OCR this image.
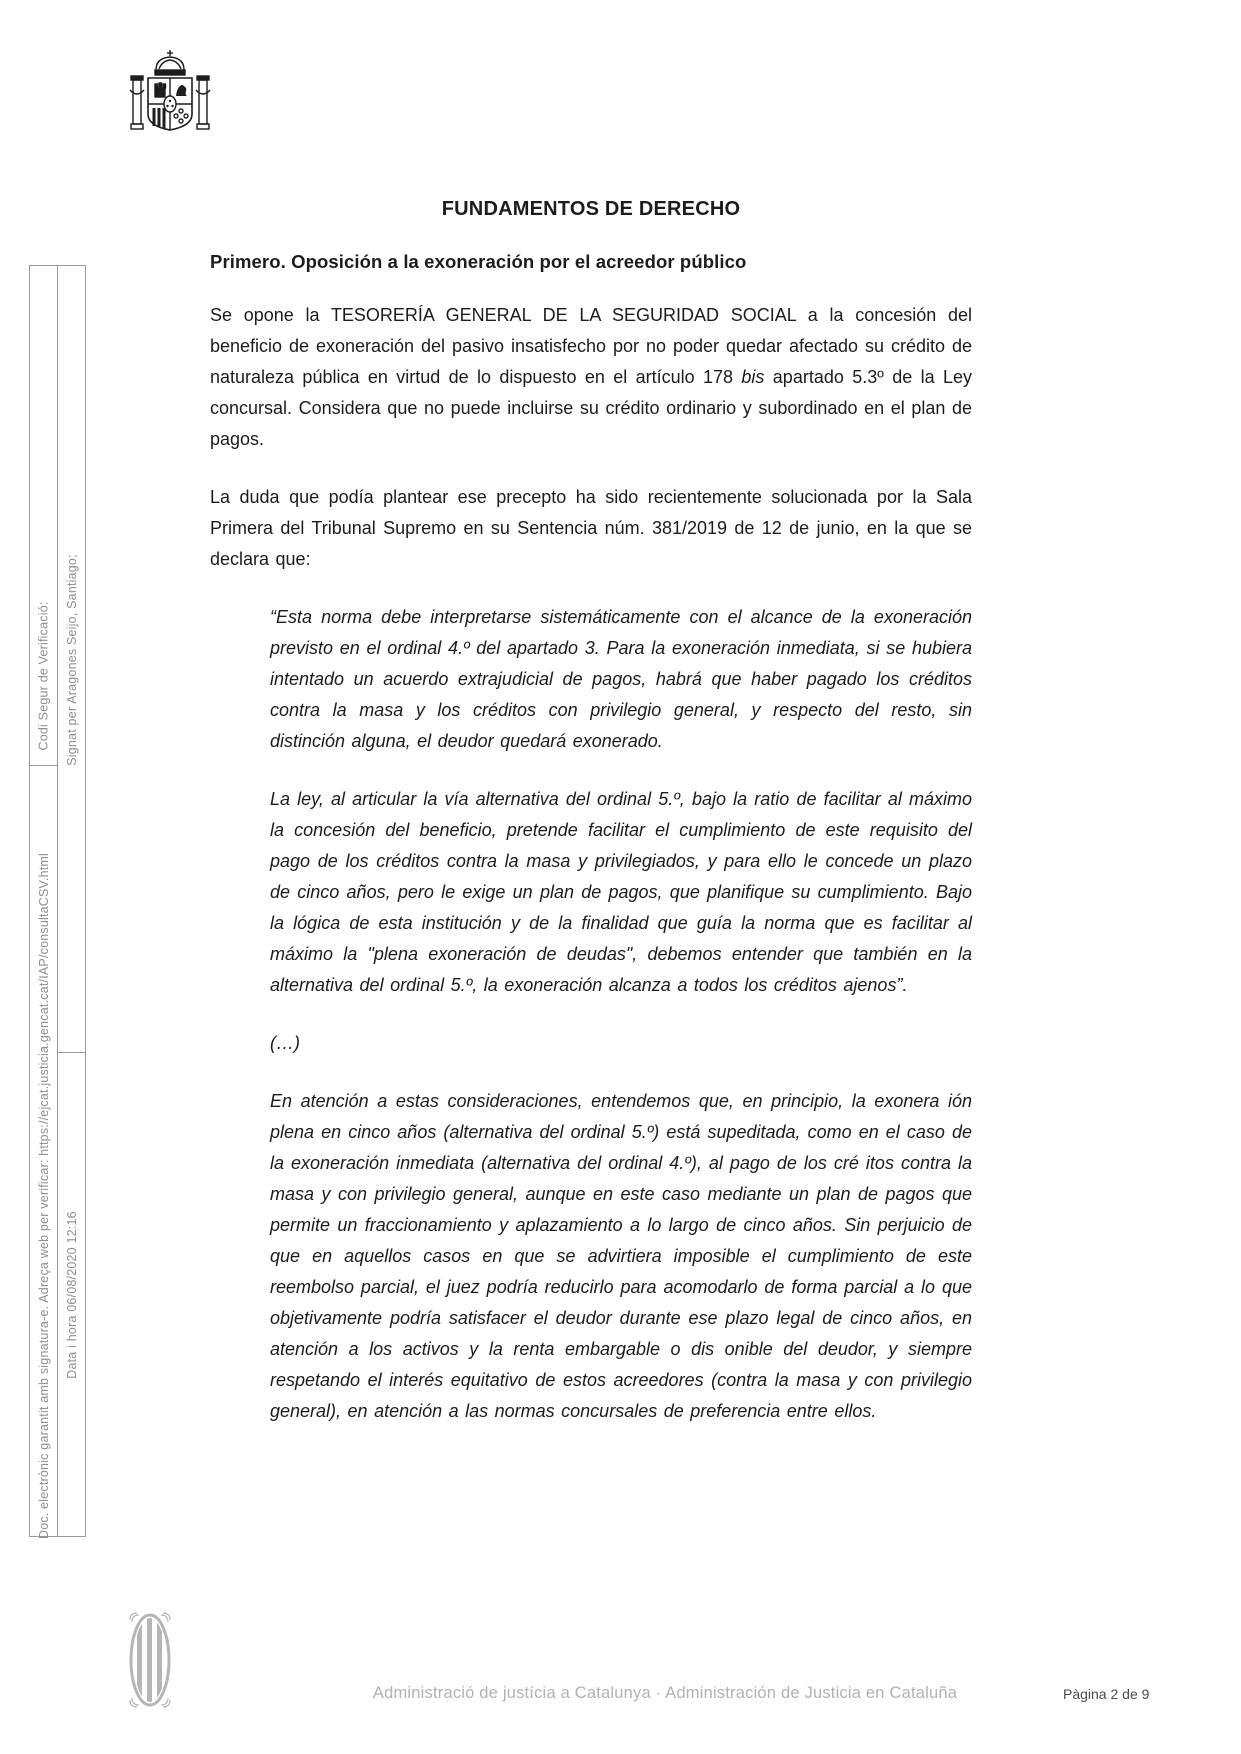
Codi Segur de Verificació:
Doc. electrònic garantit amb signatura-e. Adreça web per verificar: https://ejcat.justicia.gencat.cat/IAP/consultaCSV.html
Signat per Aragones Seijo, Santiago;
Data i hora 06/08/2020 12:16
FUNDAMENTOS DE DERECHO
Primero. Oposición a la exoneración por el acreedor público

Se opone la TESORERÍA GENERAL DE LA SEGURIDAD SOCIAL a la concesión del beneficio de exoneración del pasivo insatisfecho por no poder quedar afectado su crédito de naturaleza pública en virtud de lo dispuesto en el artículo 178 bis apartado 5.3º de la Ley concursal. Considera que no puede incluirse su crédito ordinario y subordinado en el plan de pagos.

La duda que podía plantear ese precepto ha sido recientemente solucionada por la Sala Primera del Tribunal Supremo en su Sentencia núm. 381/2019 de 12 de junio, en la que se declara que:

“Esta norma debe interpretarse sistemáticamente con el alcance de la exoneración previsto en el ordinal 4.º del apartado 3. Para la exoneración inmediata, si se hubiera intentado un acuerdo extrajudicial de pagos, habrá que haber pagado los créditos contra la masa y los créditos con privilegio general, y respecto del resto, sin distinción alguna, el deudor quedará exonerado.

La ley, al articular la vía alternativa del ordinal 5.º, bajo la ratio de facilitar al máximo la concesión del beneficio, pretende facilitar el cumplimiento de este requisito del pago de los créditos contra la masa y privilegiados, y para ello le concede un plazo de cinco años, pero le exige un plan de pagos, que planifique su cumplimiento. Bajo la lógica de esta institución y de la finalidad que guía la norma que es facilitar al máximo la "plena exoneración de deudas", debemos entender que también en la alternativa del ordinal 5.º, la exoneración alcanza a todos los créditos ajenos”.

(…)

En atención a estas consideraciones, entendemos que, en principio, la exonera ión plena en cinco años (alternativa del ordinal 5.º) está supeditada, como en el caso de la exoneración inmediata (alternativa del ordinal 4.º), al pago de los cré itos contra la masa y con privilegio general, aunque en este caso mediante un plan de pagos que permite un fraccionamiento y aplazamiento a lo largo de cinco años. Sin perjuicio de que en aquellos casos en que se advirtiera imposible el cumplimiento de este reembolso parcial, el juez podría reducirlo para acomodarlo de forma parcial a lo que objetivamente podría satisfacer el deudor durante ese plazo legal de cinco años, en atención a los activos y la renta embargable o dis onible del deudor, y siempre respetando el interés equitativo de estos acreedores (contra la masa y con privilegio general), en atención a las normas concursales de preferencia entre ellos.

Administració de justícia a Catalunya · Administración de Justicia en Cataluña	Pàgina 2 de 9
